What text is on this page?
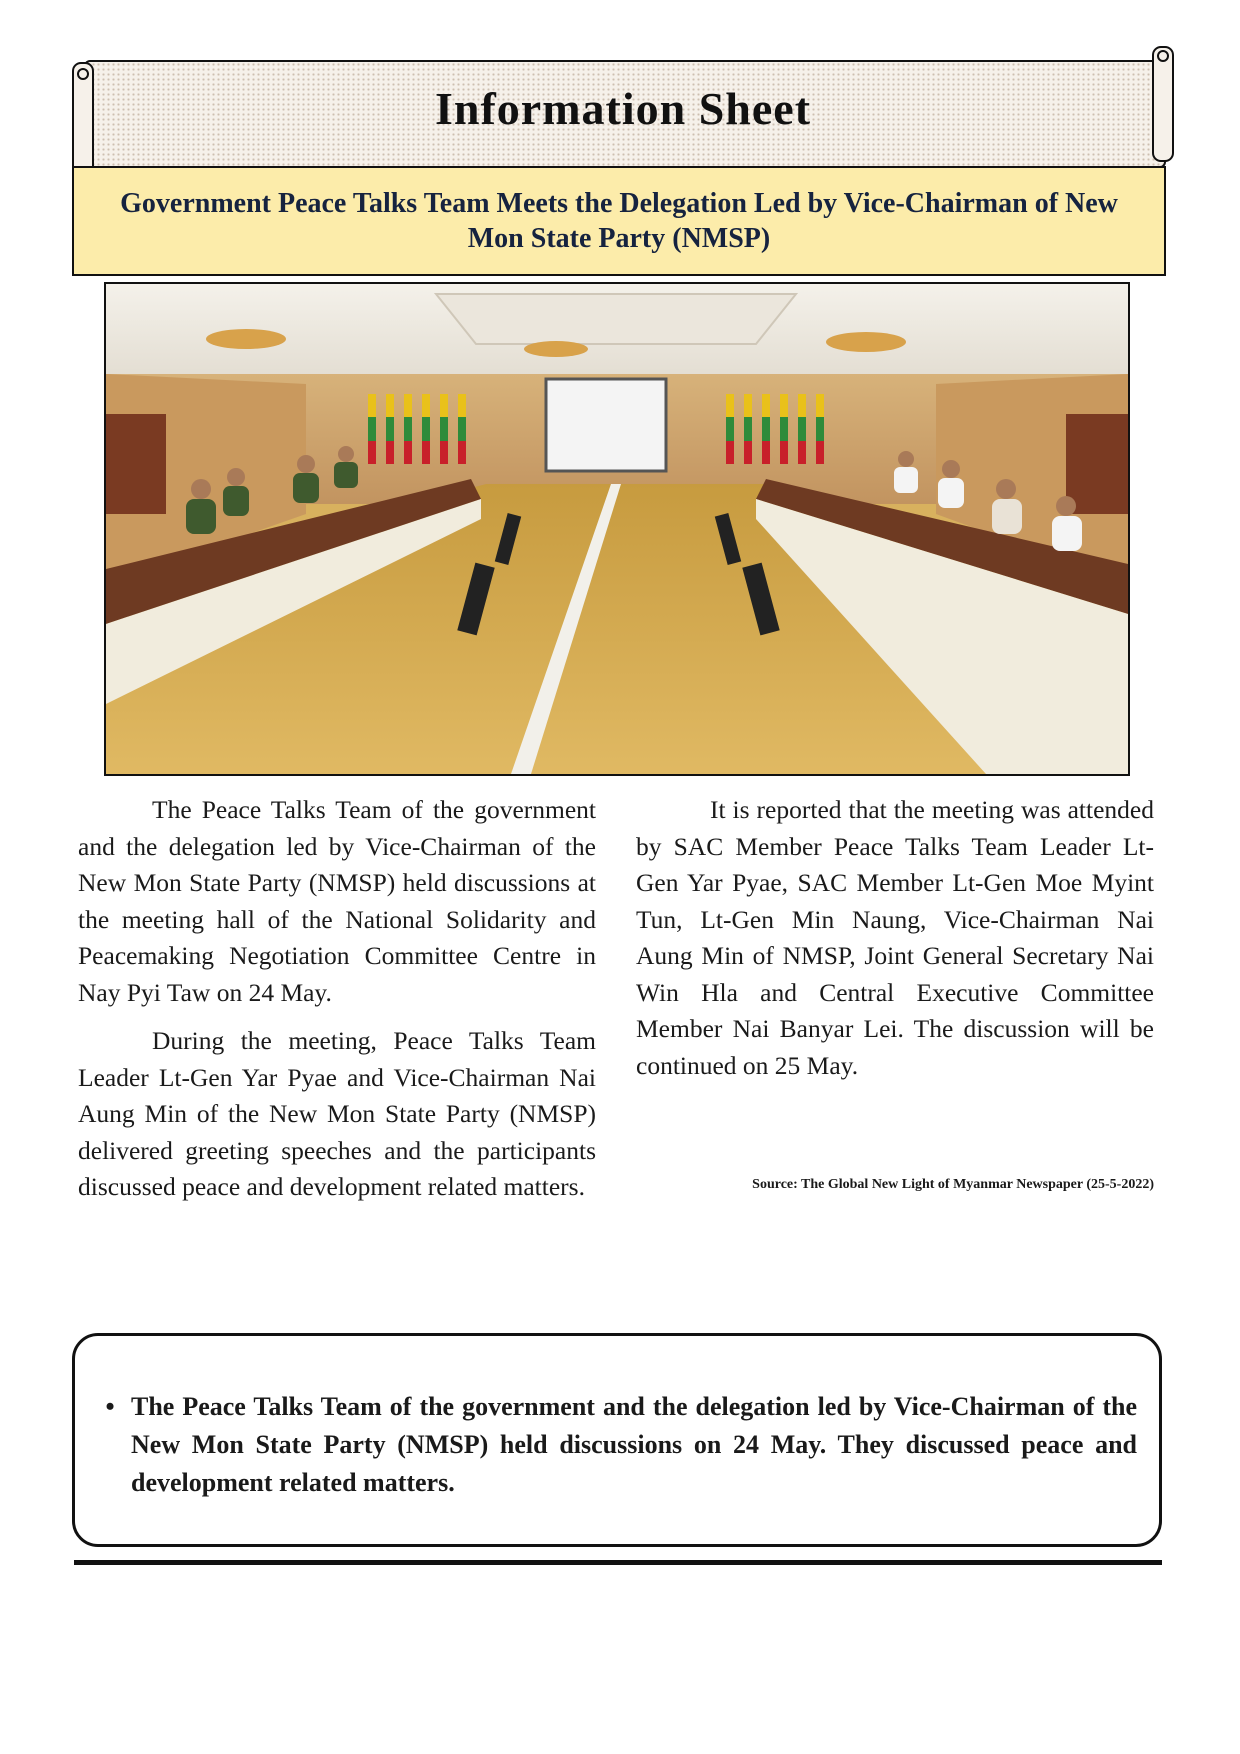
Information Sheet
Government Peace Talks Team Meets the Delegation Led by Vice-Chairman of New Mon State Party (NMSP)

The Peace Talks Team of the government and the delegation led by Vice-Chairman of the New Mon State Party (NMSP) held discussions at the meeting hall of the National Solidarity and Peacemaking Negotiation Committee Centre in Nay Pyi Taw on 24 May.

During the meeting, Peace Talks Team Leader Lt-Gen Yar Pyae and Vice-Chairman Nai Aung Min of the New Mon State Party (NMSP) delivered greeting speeches and the participants discussed peace and development related matters.

It is reported that the meeting was attended by SAC Member Peace Talks Team Leader Lt-Gen Yar Pyae, SAC Member Lt-Gen Moe Myint Tun, Lt-Gen Min Naung, Vice-Chairman Nai Aung Min of NMSP, Joint General Secretary Nai Win Hla and Central Executive Committee Member Nai Banyar Lei. The discussion will be continued on 25 May.

Source: The Global New Light of Myanmar Newspaper (25-5-2022)
• The Peace Talks Team of the government and the delegation led by Vice-Chairman of the New Mon State Party (NMSP) held discussions on 24 May. They discussed peace and development related matters.
